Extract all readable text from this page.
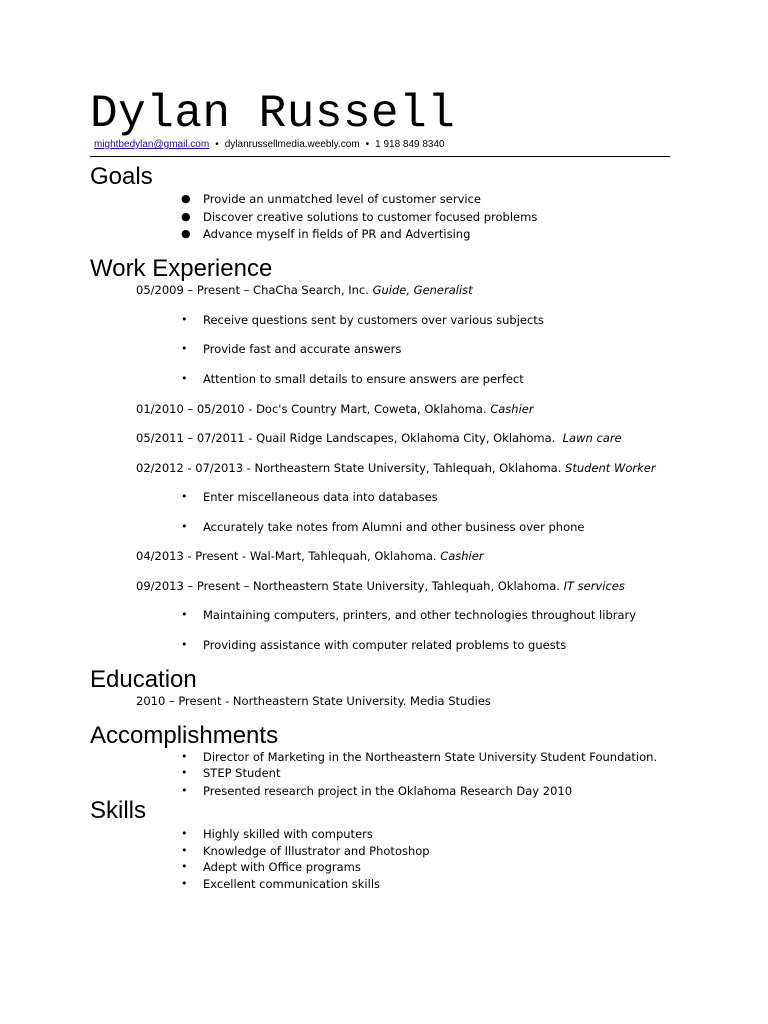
Dylan Russell
mightbedylan@gmail.com • dylanrussellmedia.weebly.com • 1 918 849 8340
Goals
● Provide an unmatched level of customer service
● Discover creative solutions to customer focused problems
● Advance myself in fields of PR and Advertising
Work Experience
05/2009 – Present – ChaCha Search, Inc. Guide, Generalist
• Receive questions sent by customers over various subjects
• Provide fast and accurate answers
• Attention to small details to ensure answers are perfect
01/2010 – 05/2010 - Doc's Country Mart, Coweta, Oklahoma. Cashier
05/2011 – 07/2011 - Quail Ridge Landscapes, Oklahoma City, Oklahoma. Lawn care
02/2012 - 07/2013 - Northeastern State University, Tahlequah, Oklahoma. Student Worker
• Enter miscellaneous data into databases
• Accurately take notes from Alumni and other business over phone
04/2013 - Present - Wal-Mart, Tahlequah, Oklahoma. Cashier
09/2013 – Present – Northeastern State University, Tahlequah, Oklahoma. IT services
• Maintaining computers, printers, and other technologies throughout library
• Providing assistance with computer related problems to guests
Education
2010 – Present - Northeastern State University. Media Studies
Accomplishments
• Director of Marketing in the Northeastern State University Student Foundation.
• STEP Student
• Presented research project in the Oklahoma Research Day 2010
Skills
• Highly skilled with computers
• Knowledge of Illustrator and Photoshop
• Adept with Office programs
• Excellent communication skills
